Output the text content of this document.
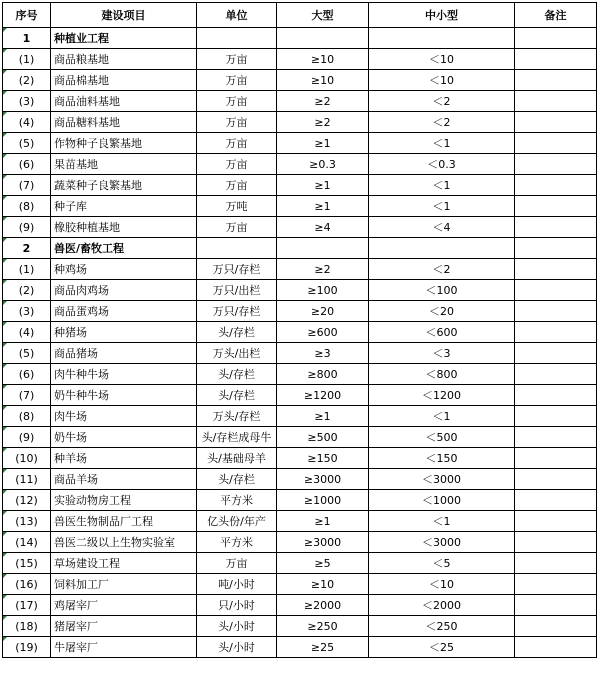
序号	建设项目	单位	大型	中小型	备注
1	种植业工程				
(1)	商品粮基地	万亩	≥10	＜10	
(2)	商品棉基地	万亩	≥10	＜10	
(3)	商品油料基地	万亩	≥2	＜2	
(4)	商品糖料基地	万亩	≥2	＜2	
(5)	作物种子良繁基地	万亩	≥1	＜1	
(6)	果苗基地	万亩	≥0.3	＜0.3	
(7)	蔬菜种子良繁基地	万亩	≥1	＜1	
(8)	种子库	万吨	≥1	＜1	
(9)	橡胶种植基地	万亩	≥4	＜4	
2	兽医/畜牧工程				
(1)	种鸡场	万只/存栏	≥2	＜2	
(2)	商品肉鸡场	万只/出栏	≥100	＜100	
(3)	商品蛋鸡场	万只/存栏	≥20	＜20	
(4)	种猪场	头/存栏	≥600	＜600	
(5)	商品猪场	万头/出栏	≥3	＜3	
(6)	肉牛种牛场	头/存栏	≥800	＜800	
(7)	奶牛种牛场	头/存栏	≥1200	＜1200	
(8)	肉牛场	万头/存栏	≥1	＜1	
(9)	奶牛场	头/存栏成母牛	≥500	＜500	
(10)	种羊场	头/基础母羊	≥150	＜150	
(11)	商品羊场	头/存栏	≥3000	＜3000	
(12)	实验动物房工程	平方米	≥1000	＜1000	
(13)	兽医生物制品厂工程	亿头份/年产	≥1	＜1	
(14)	兽医二级以上生物实验室	平方米	≥3000	＜3000	
(15)	草场建设工程	万亩	≥5	＜5	
(16)	饲料加工厂	吨/小时	≥10	＜10	
(17)	鸡屠宰厂	只/小时	≥2000	＜2000	
(18)	猪屠宰厂	头/小时	≥250	＜250	
(19)	牛屠宰厂	头/小时	≥25	＜25	
